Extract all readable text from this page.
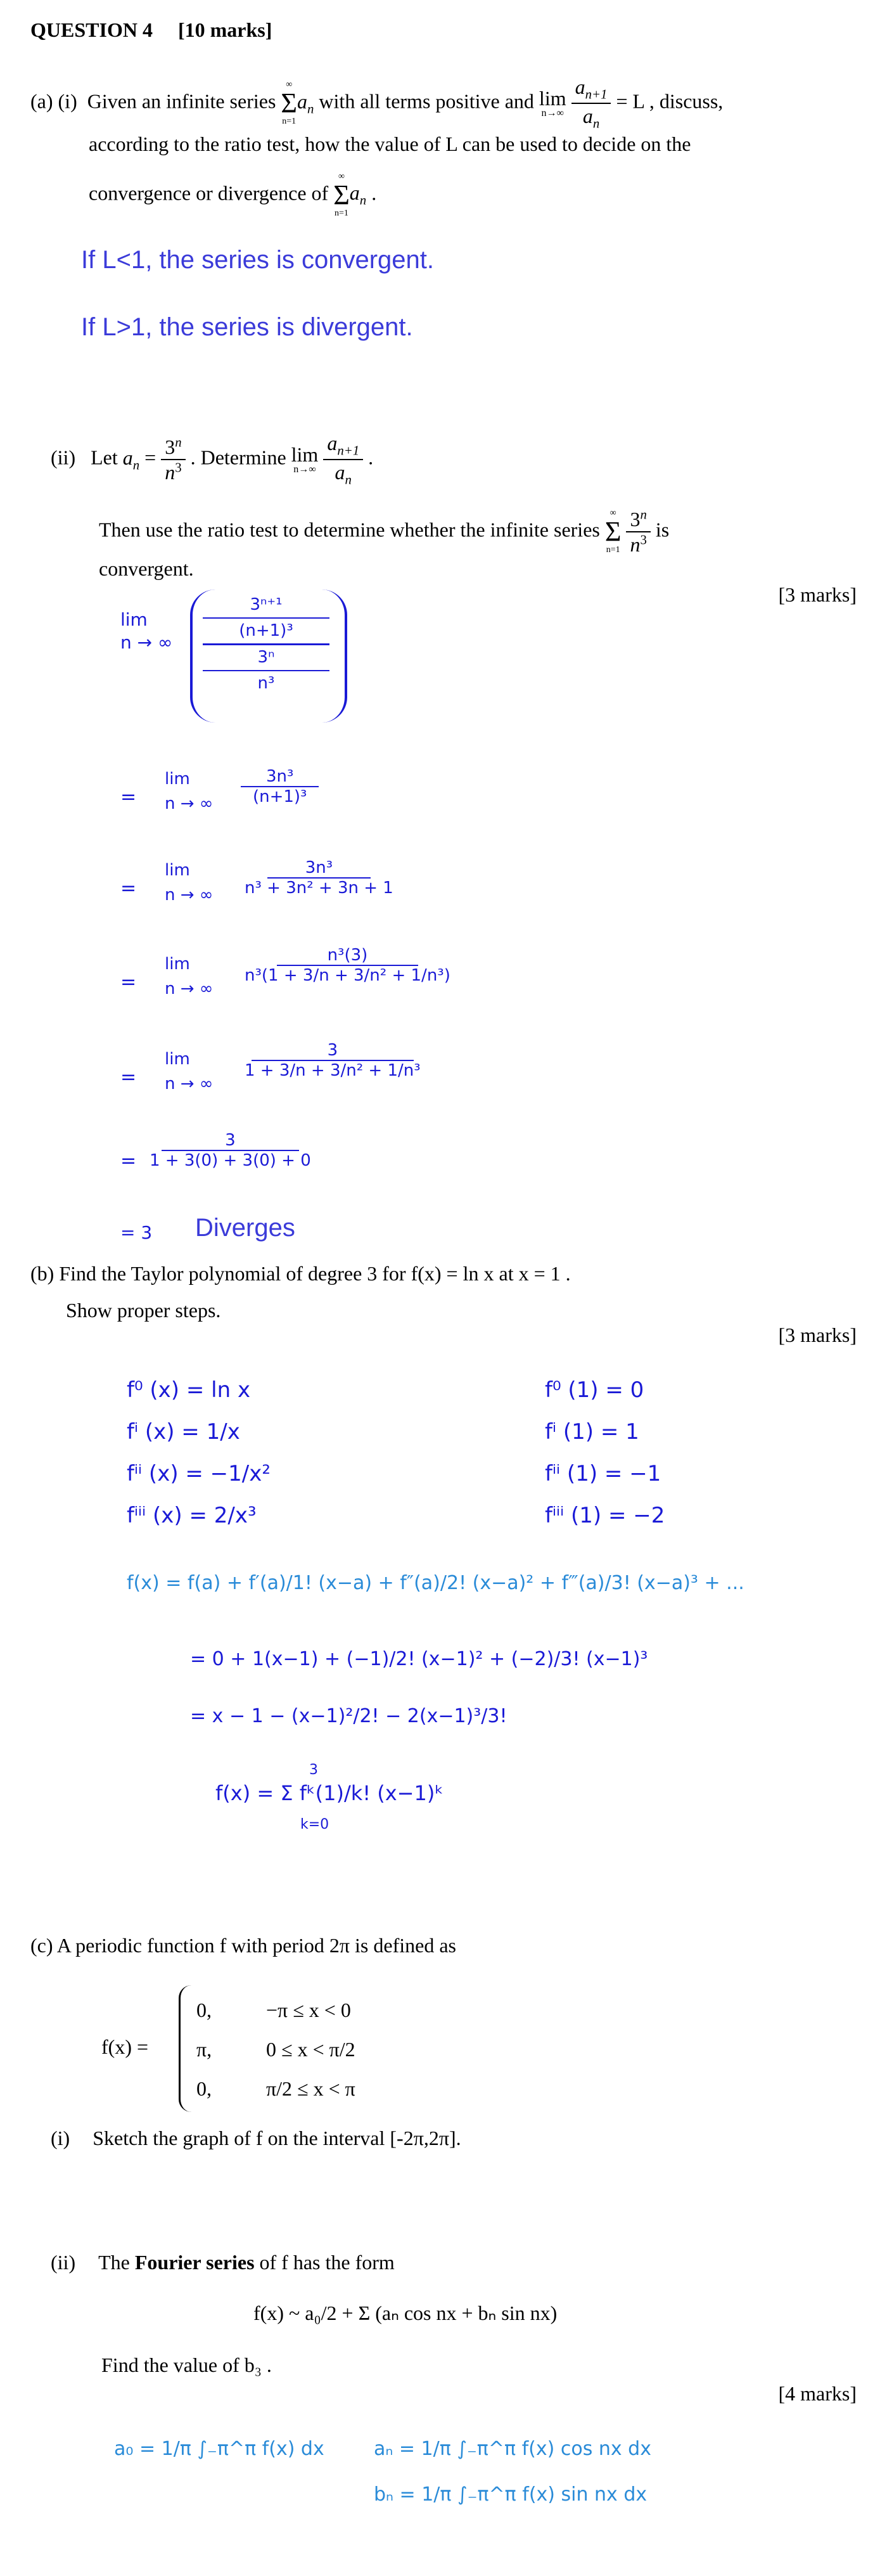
QUESTION 4 [10 marks]
(a) (i) Given an infinite series
∞
Σ
n=1
$a_n$ with all terms positive and lim
n→∞
$\frac{a_{n+1}}{a_n} = L$ , discuss,
according to the ratio test, how the value of L can be used to decide on the
convergence or divergence of
∞
Σ
n=1
$a_n$ .
If L<1, the series is convergent.
If L>1, the series is divergent.
(ii) Let $a_n = \frac{3^n}{n^3}$ . Determine lim
n→∞
$\frac{a_{n+1}}{a_n}$ .
Then use the ratio test to determine whether the infinite series
∞
Σ
n=1
$\frac{3^n}{n^3}$ is
convergent.
[3 marks]
lim
n → ∞
3ⁿ⁺¹
(n+1)³
3ⁿ
n³
=
lim
n → ∞ $\frac{\text{3n³}}{\text{(n+1)³}}$
=
lim
n → ∞ $\frac{\text{3n³}}{\text{n³ + 3n² + 3n + 1}}$
=
lim
n → ∞
$\frac{\text{n³(3)}}{\text{n³(1 + 3/n + 3/n² + 1/n³)}}$
=
lim
n → ∞
$\frac{3}{\text{1 + 3/n + 3/n² + 1/n³}}$
= $\frac{3}{1 + 3(0) + 3(0) + 0}$
= 3 Diverges
(b) Find the Taylor polynomial of degree 3 for f(x) = ln x at x = 1 .
Show proper steps.
[3 marks]
f⁰ (x) = ln x
fⁱ (x) = 1/x
fⁱⁱ (x) = −1/x²
fⁱⁱⁱ (x) = 2/x³
f⁰ (1) = 0
fⁱ (1) = 1
fⁱⁱ (1) = −1
fⁱⁱⁱ (1) = −2
f(x) = f(a) + f′(a)/1! (x−a) + f″(a)/2! (x−a)² + f‴(a)/3! (x−a)³ + ...
= 0 + 1(x−1) + (−1)/2! (x−1)² + (−2)/3! (x−1)³
= x − 1 − (x−1)²/2! − 2(x−1)³/3!
f(x) = Σ fᵏ(1)/k! (x−1)ᵏ
3
k=0
(c) A periodic function f with period 2π is defined as
f(x) =
0,
π,
0,
−π ≤ x < 0
0 ≤ x < π/2
π/2 ≤ x < π
(i) Sketch the graph of f on the interval [-2π,2π].
(ii) The Fourier series of f has the form
f(x) ~ a₀/2 + Σ (aₙ cos nx + bₙ sin nx)
Find the value of b₃ .
[4 marks]
a₀ = 1/π ∫₋π^π f(x) dx	aₙ = 1/π ∫₋π^π f(x) cos nx dx
bₙ = 1/π ∫₋π^π f(x) sin nx dx
